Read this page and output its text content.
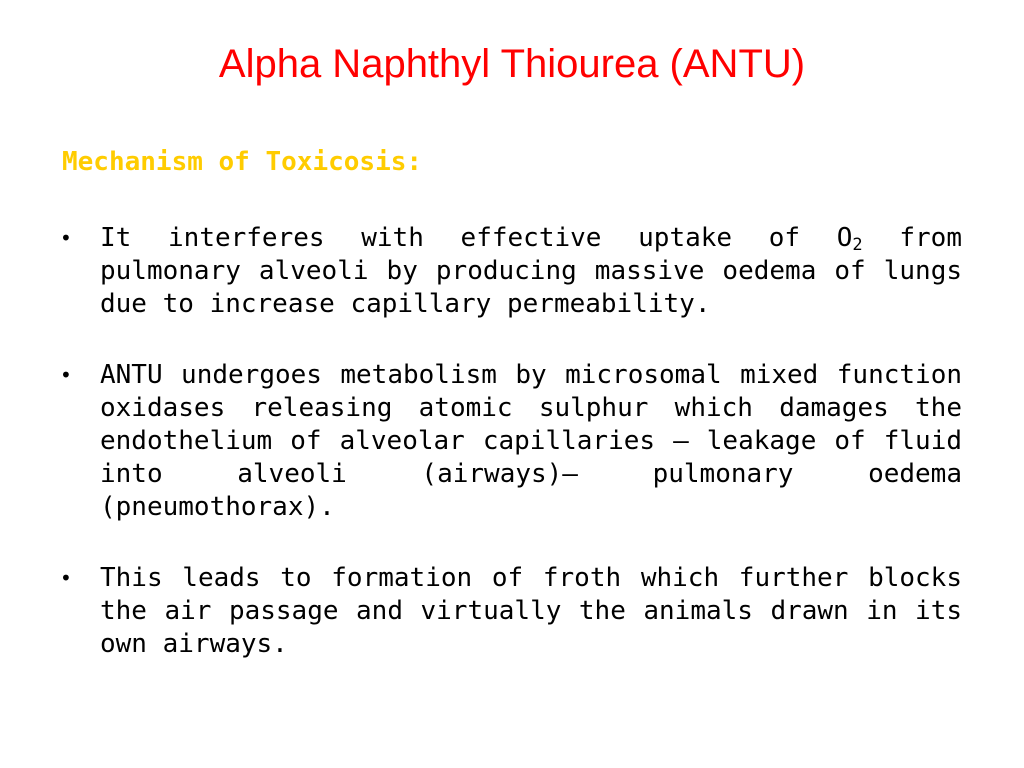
Alpha Naphthyl Thiourea (ANTU)
Mechanism of Toxicosis:
• It interferes with effective uptake of $O_2$ from pulmonary alveoli by producing massive oedema of lungs due to increase capillary permeability.
• ANTU undergoes metabolism by microsomal mixed function oxidases releasing atomic sulphur which damages the endothelium of alveolar capillaries – leakage of fluid into alveoli (airways)– pulmonary oedema (pneumothorax).
• This leads to formation of froth which further blocks the air passage and virtually the animals drawn in its own airways.
